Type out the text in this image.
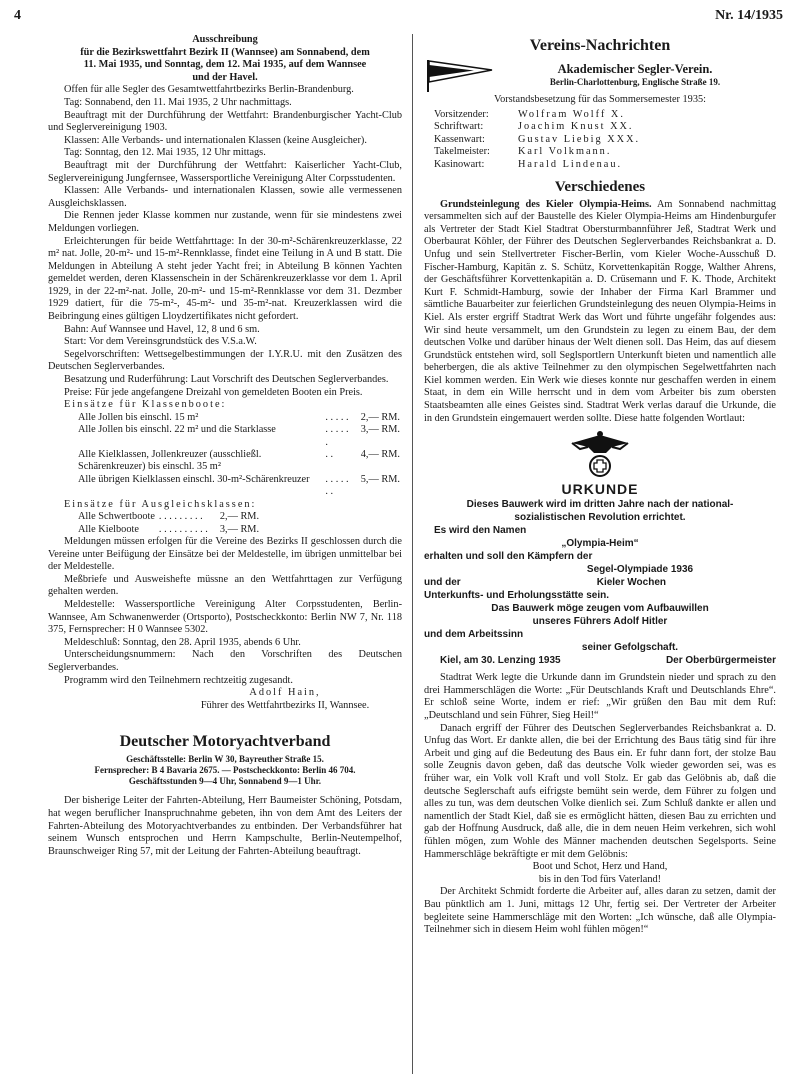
4	Nr. 14/1935
Ausschreibung
für die Bezirkswettfahrt Bezirk II (Wannsee) am Sonnabend, dem
11. Mai 1935, und Sonntag, dem 12. Mai 1935, auf dem Wannsee
und der Havel.

Offen für alle Segler des Gesamtwettfahrtbezirks Berlin-Brandenburg.

Tag: Sonnabend, den 11. Mai 1935, 2 Uhr nachmittags.

Beauftragt mit der Durchführung der Wettfahrt: Brandenburgischer Yacht-Club und Seglervereinigung 1903.

Klassen: Alle Verbands- und internationalen Klassen (keine Ausgleicher).

Tag: Sonntag, den 12. Mai 1935, 12 Uhr mittags.

Beauftragt mit der Durchführung der Wettfahrt: Kaiserlicher Yacht-Club, Seglervereinigung Jungfernsee, Wassersportliche Vereinigung Alter Corpsstudenten.

Klassen: Alle Verbands- und internationalen Klassen, sowie alle vermessenen Ausgleichsklassen.

Die Rennen jeder Klasse kommen nur zustande, wenn für sie mindestens zwei Meldungen vorliegen.

Erleichterungen für beide Wettfahrttage: In der 30-m²-Schärenkreuzerklasse, 22 m² nat. Jolle, 20-m²- und 15-m²-Rennklasse, findet eine Teilung in A und B statt. Die Meldungen in Abteilung A steht jeder Yacht frei; in Abteilung B können Yachten gemeldet werden, deren Klassenschein in der Schärenkreuzerklasse vor dem 1. April 1929, in der 22-m²-nat. Jolle, 20-m²- und 15-m²-Rennklasse vor dem 31. Dezmber 1929 datiert, für die 75-m²-, 45-m²- und 35-m²-nat. Kreuzerklassen wird die Beibringung eines gültigen Lloydzertifikates nicht gefordert.

Bahn: Auf Wannsee und Havel, 12, 8 und 6 sm.

Start: Vor dem Vereinsgrundstück des V.S.a.W.

Segelvorschriften: Wettsegelbestimmungen der I.Y.R.U. mit den Zusätzen des Deutschen Seglerverbandes.

Besatzung und Ruderführung: Laut Vorschrift des Deutschen Seglerverbandes.

Preise: Für jede angefangene Dreizahl von gemeldeten Booten ein Preis.

Einsätze für Klassenboote:

Alle Jollen bis einschl. 15 m²	. . . . .	2,— RM.
Alle Jollen bis einschl. 22 m² und die Starklasse	. . . . . .	3,— RM.
Alle Kielklassen, Jollenkreuzer (ausschließl. Schärenkreuzer) bis einschl. 35 m²	. .	4,— RM.
Alle übrigen Kielklassen einschl. 30-m²-Schärenkreuzer	. . . . . . .	5,— RM.

Einsätze für Ausgleichsklassen:

Alle Schwertboote	. . . . . . . . .	2,— RM.
Alle Kielboote	. . . . . . . . . .	3,— RM.

Meldungen müssen erfolgen für die Vereine des Bezirks II geschlossen durch die Vereine unter Beifügung der Einsätze bei der Meldestelle, im übrigen unmittelbar bei der Meldestelle.

Meßbriefe und Ausweishefte müssne an den Wettfahrttagen zur Verfügung gehalten werden.

Meldestelle: Wassersportliche Vereinigung Alter Corpsstudenten, Berlin-Wannsee, Am Schwanenwerder (Ortsporto), Postscheckkonto: Berlin NW 7, Nr. 118 375, Fernsprecher: H 0 Wannsee 5302.

Meldeschluß: Sonntag, den 28. April 1935, abends 6 Uhr.

Unterscheidungsnummern: Nach den Vorschriften des Deutschen Seglerverbandes.

Programm wird den Teilnehmern rechtzeitig zugesandt.

Adolf Hain,
Führer des Wettfahrtbezirks II, Wannsee.
Deutscher Motoryachtverband
Geschäftsstelle: Berlin W 30, Bayreuther Straße 15.
Fernsprecher: B 4 Bavaria 2675. — Postscheckkonto: Berlin 46 704.
Geschäftsstunden 9—4 Uhr, Sonnabend 9—1 Uhr.

Der bisherige Leiter der Fahrten-Abteilung, Herr Baumeister Schöning, Potsdam, hat wegen beruflicher Inanspruchnahme gebeten, ihn von dem Amt des Leiters der Fahrten-Abteilung des Motoryachtverbandes zu entbinden. Der Verbandsführer hat seinem Wunsch entsprochen und Herrn Kampschulte, Berlin-Neutempelhof, Braunschweiger Ring 57, mit der Leitung der Fahrten-Abteilung beauftragt.

Vereins-Nachrichten
Akademischer Segler-Verein.
Berlin-Charlottenburg, Englische Straße 19.
Vorstandsbesetzung für das Sommersemester 1935:
Vorsitzender:	Wolfram Wolff X.
Schriftwart:	Joachim Knust XX.
Kassenwart:	Gustav Liebig XXX.
Takelmeister:	Karl Volkmann.
Kasinowart:	Harald Lindenau.
Verschiedenes

Grundsteinlegung des Kieler Olympia-Heims. Am Sonnabend nachmittag versammelten sich auf der Baustelle des Kieler Olympia-Heims am Hindenburgufer als Vertreter der Stadt Kiel Stadtrat Obersturmbannführer Jeß, Stadtrat Werk und Oberbaurat Köhler, der Führer des Deutschen Seglerverbandes Reichsbankrat a. D. Unfug und sein Stellvertreter Fischer-Berlin, vom Kieler Woche-Ausschuß D. Fischer-Hamburg, Kapitän z. S. Schütz, Korvettenkapitän Rogge, Walther Ahrens, der Geschäftsführer Korvettenkapitän a. D. Crüsemann und F. K. Thode, Architekt Kurt F. Schmidt-Hamburg, sowie der Inhaber der Firma Karl Brammer und sämtliche Bauarbeiter zur feierlichen Grundsteinlegung des neuen Olympia-Heims in Kiel. Als erster ergriff Stadtrat Werk das Wort und führte ungefähr folgendes aus: Wir sind heute versammelt, um den Grundstein zu legen zu einem Bau, der dem deutschen Volke und darüber hinaus der Welt dienen soll. Das Heim, das auf diesem Grundstück entstehen wird, soll Seglsportlern Unterkunft bieten und namentlich alle beherbergen, die als aktive Teilnehmer zu den olympischen Segelwettfahrten nach Kiel kommen werden. Ein Werk wie dieses konnte nur geschaffen werden in einem Staat, in dem ein Wille herrscht und in dem vom Arbeiter bis zum obersten Staatsbeamten alle eines Geistes sind. Stadtrat Werk verlas darauf die Urkunde, die in den Grundstein eingemauert werden sollte. Diese hatte folgenden Wortlaut:

URKUNDE
Dieses Bauwerk wird im dritten Jahre nach der national-
sozialistischen Revolution errichtet.
Es wird den Namen
„Olympia-Heim“
erhalten und soll den Kämpfern der
Segel-Olympiade 1936
und der	Kieler Wochen
Unterkunfts- und Erholungsstätte sein.
Das Bauwerk möge zeugen vom Aufbauwillen
unseres Führers Adolf Hitler
und dem Arbeitssinn
seiner Gefolgschaft.
Kiel, am 30. Lenzing 1935	Der Oberbürgermeister

Stadtrat Werk legte die Urkunde dann im Grundstein nieder und sprach zu den drei Hammerschlägen die Worte: „Für Deutschlands Kraft und Deutschlands Ehre“. Er schloß seine Worte, indem er rief: „Wir grüßen den Bau mit dem Ruf: „Deutschland und sein Führer, Sieg Heil!“

Danach ergriff der Führer des Deutschen Seglerverbandes Reichsbankrat a. D. Unfug das Wort. Er dankte allen, die bei der Errichtung des Baus tätig sind für ihre Arbeit und ging auf die Bedeutung des Baus ein. Er fuhr dann fort, der stolze Bau solle Zeugnis davon geben, daß das deutsche Volk wieder geworden sei, was es früher war, ein Volk voll Kraft und voll Stolz. Er gab das Gelöbnis ab, daß die deutsche Seglerschaft aufs eifrigste bemüht sein werde, dem Führer zu folgen und alles zu tun, was dem deutschen Volke dienlich sei. Zum Schluß dankte er allen und namentlich der Stadt Kiel, daß sie es ermöglicht hätten, diesen Bau zu errichten und gab der Hoffnung Ausdruck, daß alle, die in dem neuen Heim verkehren, sich wohl fühlen mögen, zum Wohle des Männer machenden deutschen Segelsports. Seine Hammerschläge bekräftigte er mit dem Gelöbnis:

Boot und Schot, Herz und Hand,
bis in den Tod fürs Vaterland!

Der Architekt Schmidt forderte die Arbeiter auf, alles daran zu setzen, damit der Bau pünktlich am 1. Juni, mittags 12 Uhr, fertig sei. Der Vertreter der Arbeiter begleitete seine Hammerschläge mit den Worten: „Ich wünsche, daß alle Olympia-Teilnehmer sich in diesem Heim wohl fühlen mögen!“
